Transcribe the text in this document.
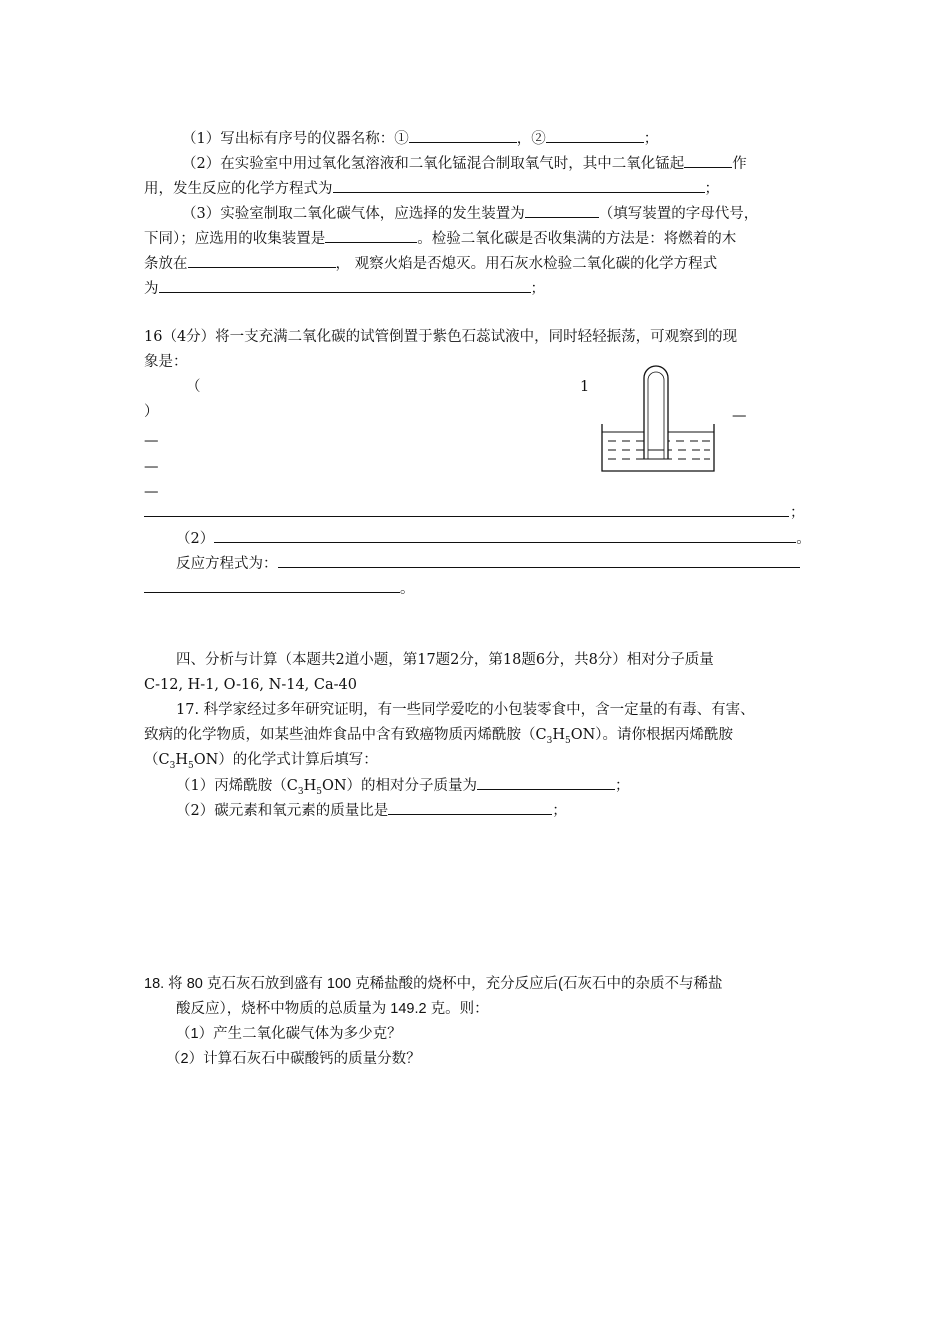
（1）写出标有序号的仪器名称：①	，②	；
（2）在实验室中用过氧化氢溶液和二氧化锰混合制取氧气时，其中二氧化锰起	作
用，发生反应的化学方程式为	；
（3）实验室制取二氧化碳气体，应选择的发生装置为	（填写装置的字母代号，
下同）；应选用的收集装置是	。检验二氧化碳是否收集满的方法是：将燃着的木
条放在	， 观察火焰是否熄灭。用石灰水检验二氧化碳的化学方程式
为	；
16（4分）将一支充满二氧化碳的试管倒置于紫色石蕊试液中，同时轻轻振荡，可观察到的现
象是：
（	1
）
—
—
—
—
；
（2）	。
反应方程式为：
。
四、分析与计算（本题共2道小题，第17题2分，第18题6分，共8分）相对分子质量
C-12, H-1, O-16, N-14, Ca-40
17. 科学家经过多年研究证明，有一些同学爱吃的小包装零食中，含一定量的有毒、有害、
致病的化学物质，如某些油炸食品中含有致癌物质丙烯酰胺$(C_3H_5ON)$。请你根据丙烯酰胺
$(C_3H_5ON)$的化学式计算后填写：
（1）丙烯酰胺$(C_3H_5ON)$的相对分子质量为	；
（2）碳元素和氧元素的质量比是	；
18. 将 80 克石灰石放到盛有 100 克稀盐酸的烧杯中，充分反应后(石灰石中的杂质不与稀盐
酸反应），烧杯中物质的总质量为 149.2 克。则：
（1）产生二氧化碳气体为多少克？
（2）计算石灰石中碳酸钙的质量分数？
